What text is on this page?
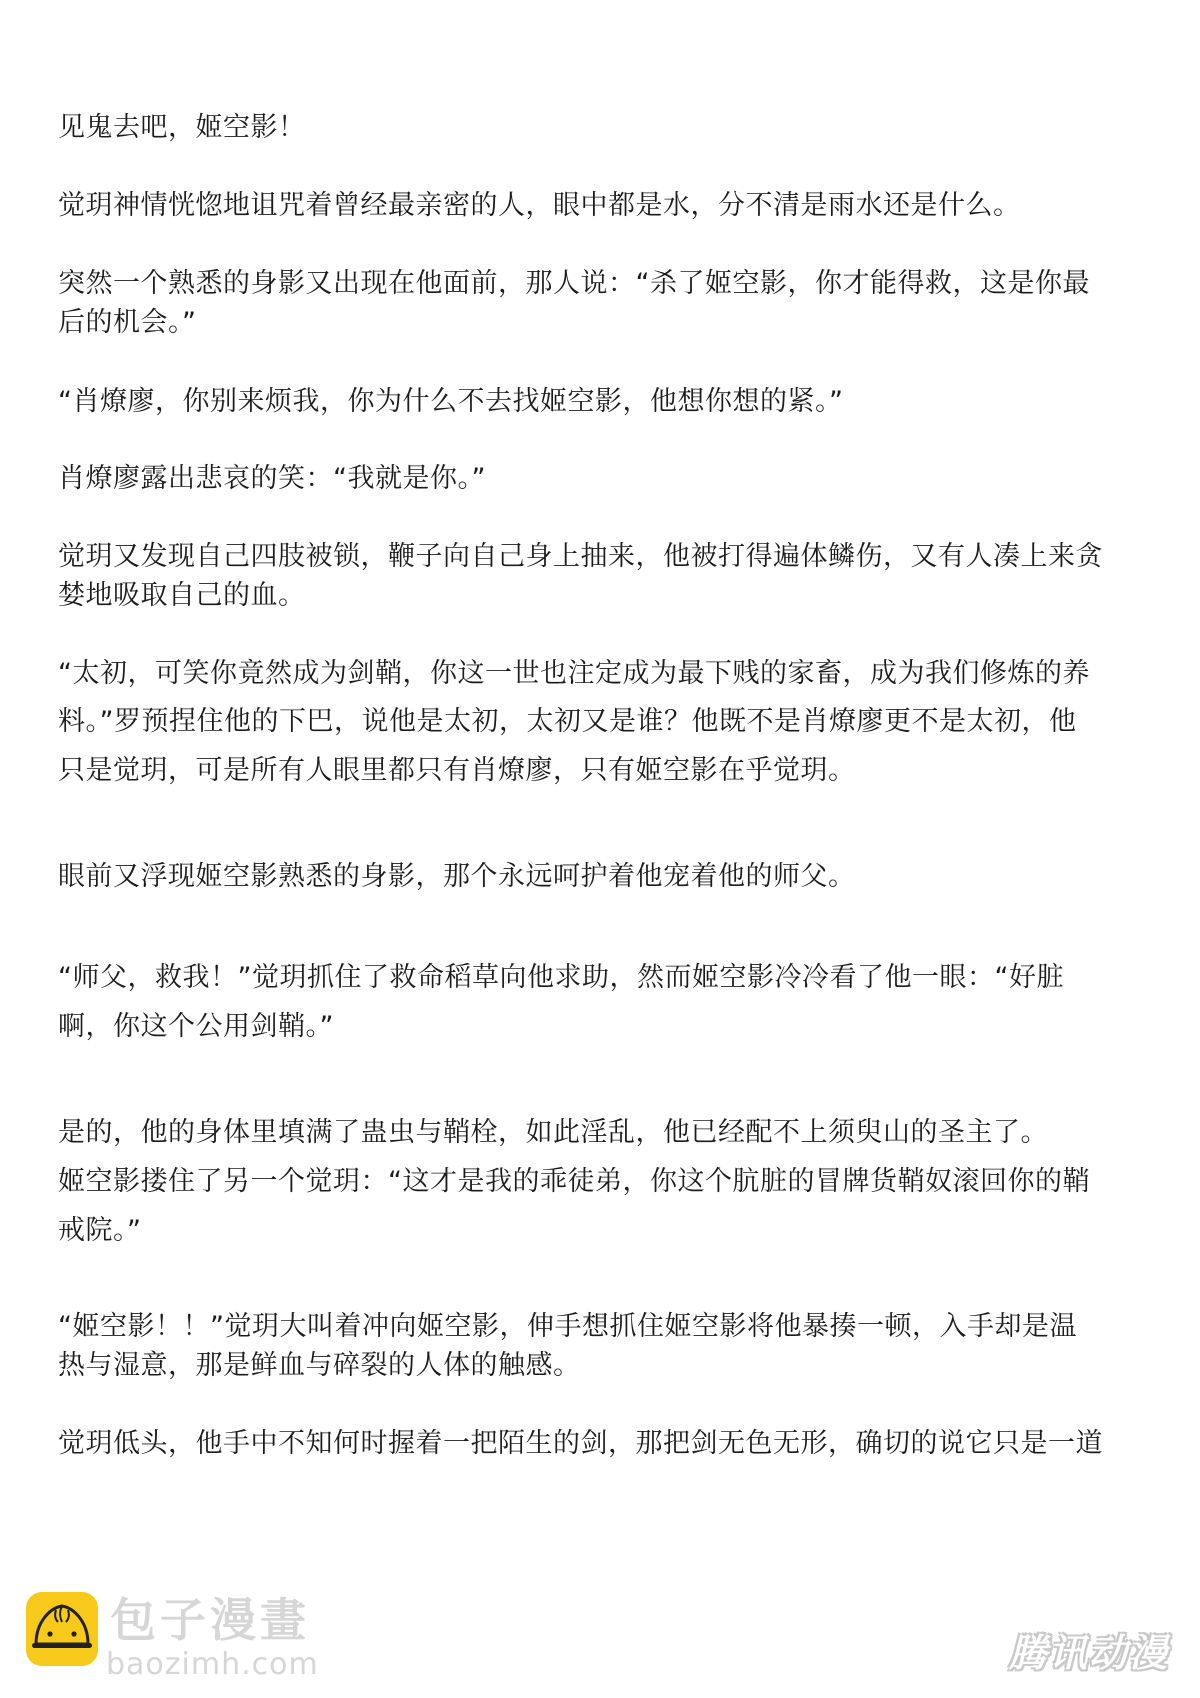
见鬼去吧，姬空影！
觉玥神情恍惚地诅咒着曾经最亲密的人，眼中都是水，分不清是雨水还是什么。
突然一个熟悉的身影又出现在他面前，那人说：“杀了姬空影，你才能得救，这是你最
后的机会。”
“肖燎廖，你别来烦我，你为什么不去找姬空影，他想你想的紧。”
肖燎廖露出悲哀的笑：“我就是你。”
觉玥又发现自己四肢被锁，鞭子向自己身上抽来，他被打得遍体鳞伤，又有人凑上来贪
婪地吸取自己的血。
“太初，可笑你竟然成为剑鞘，你这一世也注定成为最下贱的家畜，成为我们修炼的养
料。”罗预捏住他的下巴，说他是太初，太初又是谁？他既不是肖燎廖更不是太初，他
只是觉玥，可是所有人眼里都只有肖燎廖，只有姬空影在乎觉玥。
眼前又浮现姬空影熟悉的身影，那个永远呵护着他宠着他的师父。
“师父，救我！”觉玥抓住了救命稻草向他求助，然而姬空影冷冷看了他一眼：“好脏
啊，你这个公用剑鞘。”
是的，他的身体里填满了蛊虫与鞘栓，如此淫乱，他已经配不上须臾山的圣主了。
姬空影搂住了另一个觉玥：“这才是我的乖徒弟，你这个肮脏的冒牌货鞘奴滚回你的鞘
戒院。”
“姬空影！！”觉玥大叫着冲向姬空影，伸手想抓住姬空影将他暴揍一顿，入手却是温
热与湿意，那是鲜血与碎裂的人体的触感。
觉玥低头，他手中不知何时握着一把陌生的剑，那把剑无色无形，确切的说它只是一道
包子漫畫
baozimh.com	腾讯动漫
